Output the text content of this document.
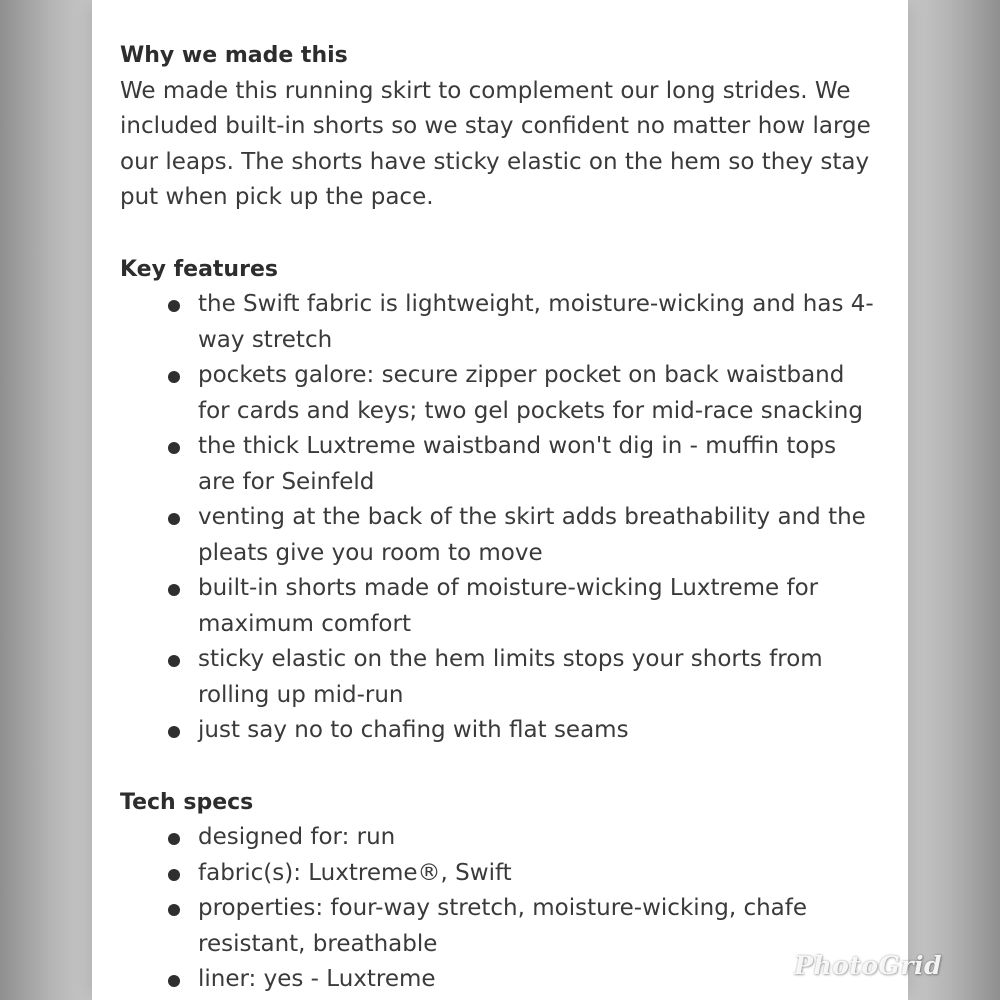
Why we made this

We made this running skirt to complement our long strides. We included built-in shorts so we stay confident no matter how large our leaps. The shorts have sticky elastic on the hem so they stay put when pick up the pace.

Key features
the Swift fabric is lightweight, moisture-wicking and has 4-way stretch
pockets galore: secure zipper pocket on back waistband for cards and keys; two gel pockets for mid-race snacking
the thick Luxtreme waistband won't dig in - muffin tops are for Seinfeld
venting at the back of the skirt adds breathability and the pleats give you room to move
built-in shorts made of moisture-wicking Luxtreme for maximum comfort
sticky elastic on the hem limits stops your shorts from rolling up mid-run
just say no to chafing with flat seams
Tech specs
designed for: run
fabric(s): Luxtreme®, Swift
properties: four-way stretch, moisture-wicking, chafe resistant, breathable
liner: yes - Luxtreme	PhotoGrid
